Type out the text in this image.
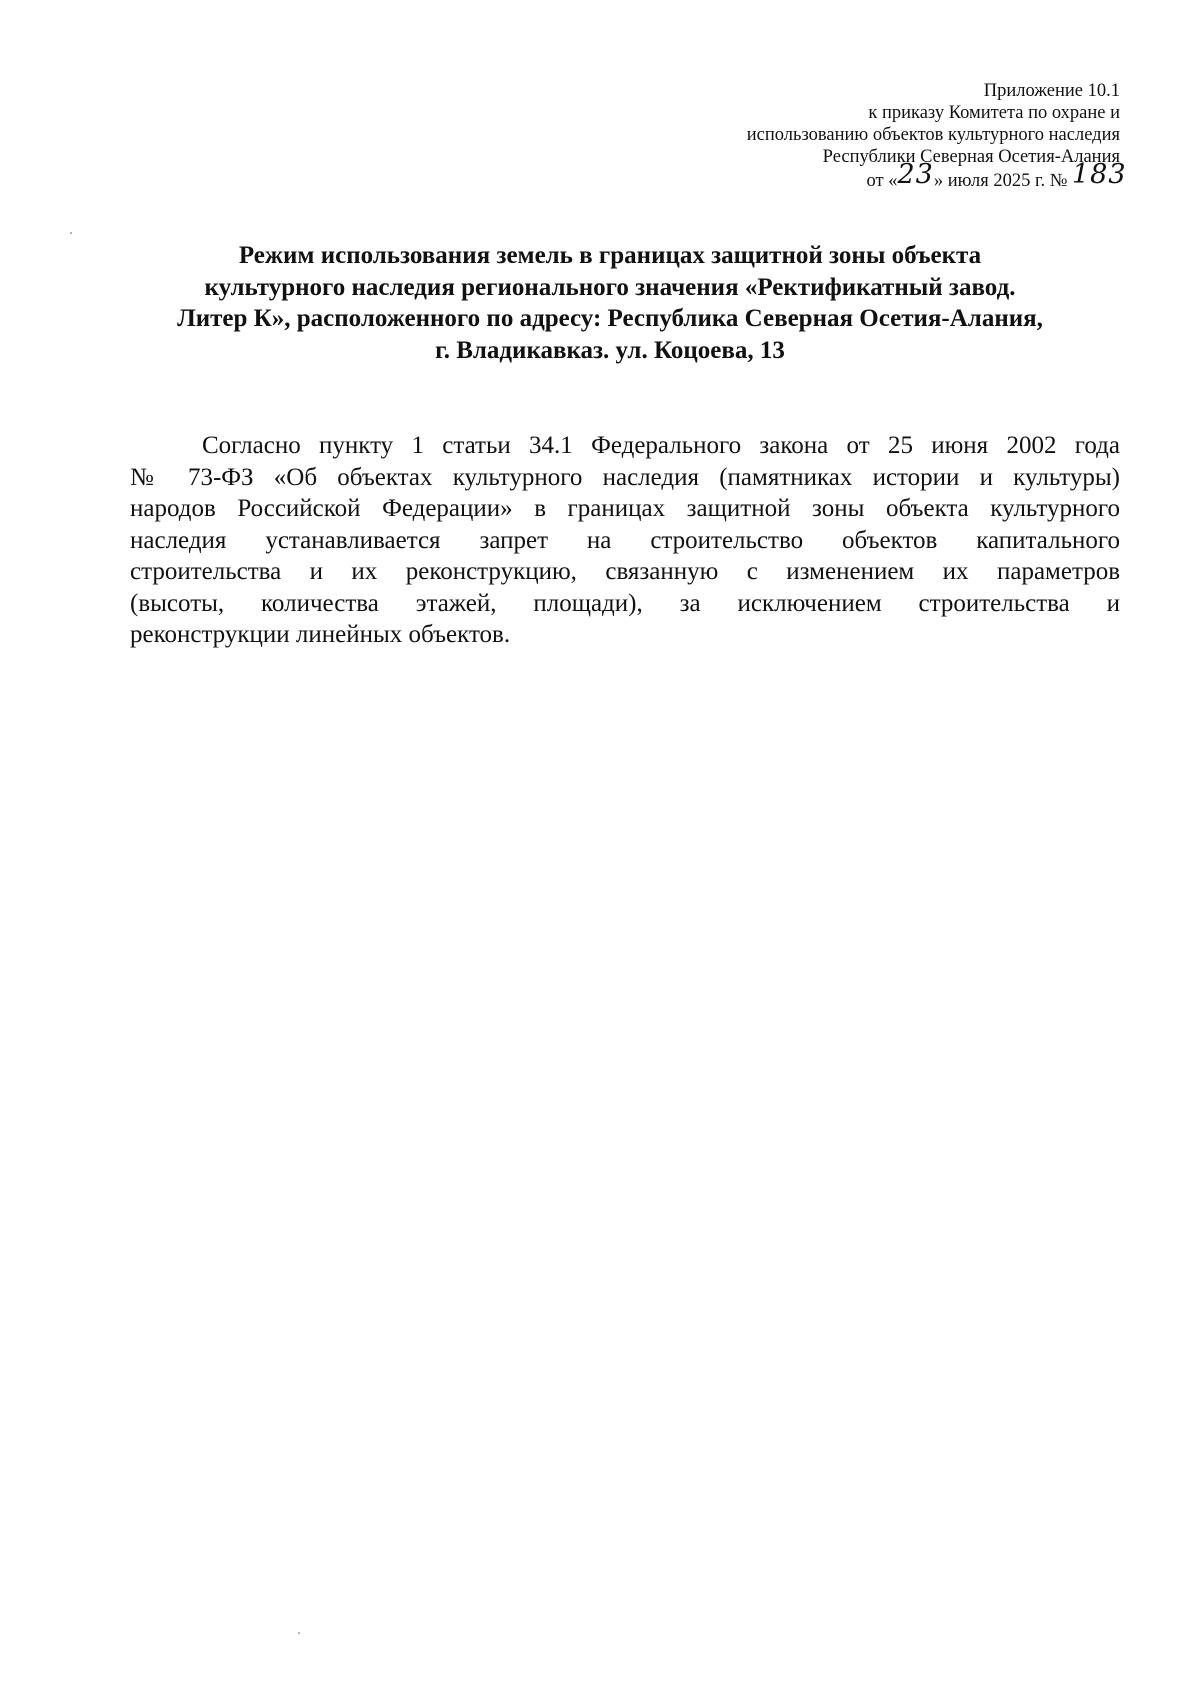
Приложение 10.1
к приказу Комитета по охране и
использованию объектов культурного наследия
Республики Северная Осетия-Алания
от «23» июля 2025 г. № 183
Режим использования земель в границах защитной зоны объекта
культурного наследия регионального значения «Ректификатный завод.
Литер К», расположенного по адресу: Республика Северная Осетия-Алания,
г. Владикавказ. ул. Коцоева, 13
Согласно пункту 1 статьи 34.1 Федерального закона от 25 июня 2002 года
№ 73-ФЗ «Об объектах культурного наследия (памятниках истории и культуры)
народов Российской Федерации» в границах защитной зоны объекта культурного
наследия устанавливается запрет на строительство объектов капитального
строительства и их реконструкцию, связанную с изменением их параметров
(высоты, количества этажей, площади), за исключением строительства и
реконструкции линейных объектов.
